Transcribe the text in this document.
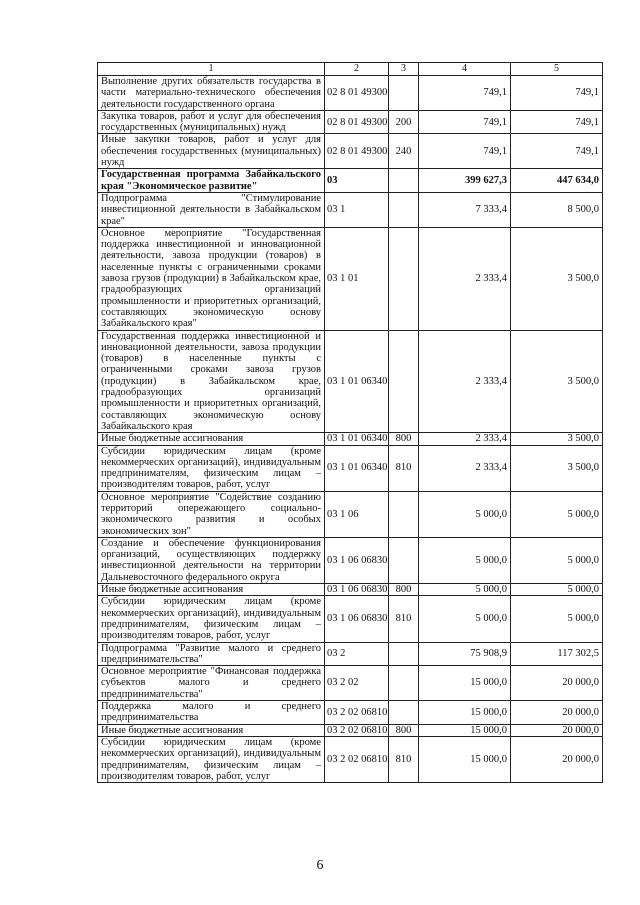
1	2	3	4	5
Выполнение других обязательств государства в части материально-технического обеспечения деятельности государственного органа	02 8 01 49300		749,1	749,1
Закупка товаров, работ и услуг для обеспечения государственных (муниципальных) нужд	02 8 01 49300	200	749,1	749,1
Иные закупки товаров, работ и услуг для обеспечения государственных (муниципальных) нужд	02 8 01 49300	240	749,1	749,1
Государственная программа Забайкальского края "Экономическое развитие"	03		399 627,3	447 634,0
Подпрограмма "Стимулирование инвестиционной деятельности в Забайкальском крае"	03 1		7 333,4	8 500,0
Основное мероприятие "Государственная поддержка инвестиционной и инновационной деятельности, завоза продукции (товаров) в населенные пункты с ограниченными сроками завоза грузов (продукции) в Забайкальском крае, градообразующих организаций промышленности и приоритетных организаций, составляющих экономическую основу Забайкальского края"	03 1 01		2 333,4	3 500,0
Государственная поддержка инвестиционной и инновационной деятельности, завоза продукции (товаров) в населенные пункты с ограниченными сроками завоза грузов (продукции) в Забайкальском крае, градообразующих организаций промышленности и приоритетных организаций, составляющих экономическую основу Забайкальского края	03 1 01 06340		2 333,4	3 500,0
Иные бюджетные ассигнования	03 1 01 06340	800	2 333,4	3 500,0
Субсидии юридическим лицам (кроме некоммерческих организаций), индивидуальным предпринимателям, физическим лицам – производителям товаров, работ, услуг	03 1 01 06340	810	2 333,4	3 500,0
Основное мероприятие "Содействие созданию территорий опережающего социально-экономического развития и особых экономических зон"	03 1 06		5 000,0	5 000,0
Создание и обеспечение функционирования организаций, осуществляющих поддержку инвестиционной деятельности на территории Дальневосточного федерального округа	03 1 06 06830		5 000,0	5 000,0
Иные бюджетные ассигнования	03 1 06 06830	800	5 000,0	5 000,0
Субсидии юридическим лицам (кроме некоммерческих организаций), индивидуальным предпринимателям, физическим лицам – производителям товаров, работ, услуг	03 1 06 06830	810	5 000,0	5 000,0
Подпрограмма "Развитие малого и среднего предпринимательства"	03 2		75 908,9	117 302,5
Основное мероприятие "Финансовая поддержка субъектов малого и среднего предпринимательства"	03 2 02		15 000,0	20 000,0
Поддержка малого и среднего предпринимательства	03 2 02 06810		15 000,0	20 000,0
Иные бюджетные ассигнования	03 2 02 06810	800	15 000,0	20 000,0
Субсидии юридическим лицам (кроме некоммерческих организаций), индивидуальным предпринимателям, физическим лицам – производителям товаров, работ, услуг	03 2 02 06810	810	15 000,0	20 000,0
6
